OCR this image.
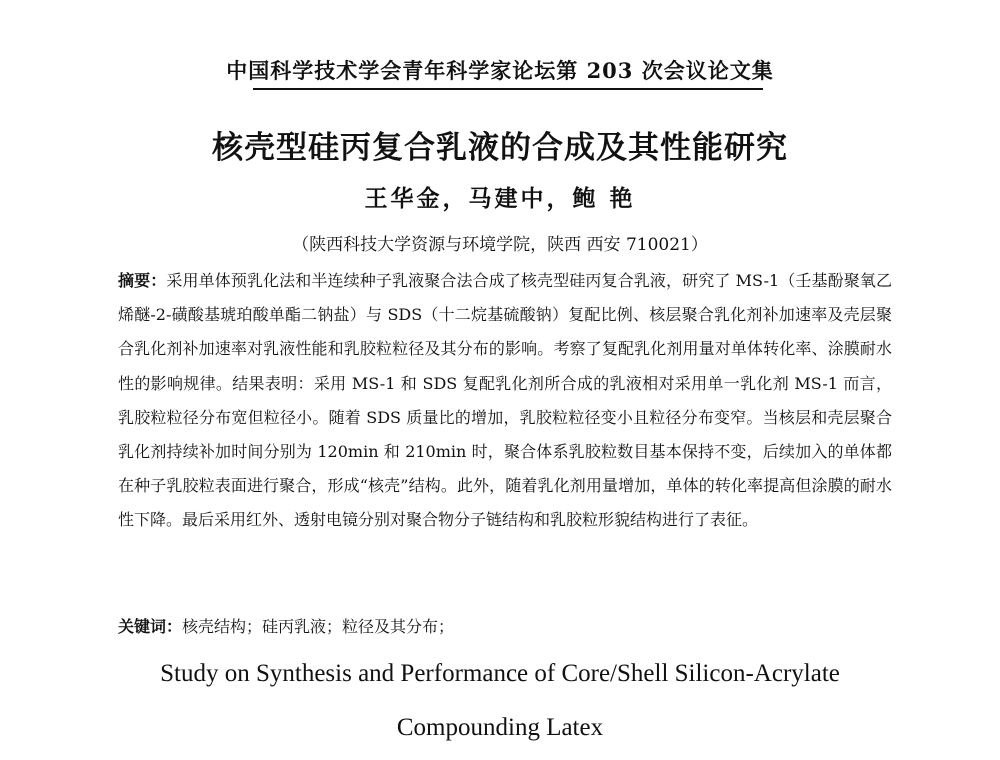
中国科学技术学会青年科学家论坛第 203 次会议论文集
核壳型硅丙复合乳液的合成及其性能研究
王华金，马建中，鲍 艳
（陕西科技大学资源与环境学院，陕西 西安 710021）
摘要：采用单体预乳化法和半连续种子乳液聚合法合成了核壳型硅丙复合乳液，研究了 MS-1（壬基酚聚氧乙烯醚-2-磺酸基琥珀酸单酯二钠盐）与 SDS（十二烷基硫酸钠）复配比例、核层聚合乳化剂补加速率及壳层聚合乳化剂补加速率对乳液性能和乳胶粒粒径及其分布的影响。考察了复配乳化剂用量对单体转化率、涂膜耐水性的影响规律。结果表明：采用 MS-1 和 SDS 复配乳化剂所合成的乳液相对采用单一乳化剂 MS-1 而言，乳胶粒粒径分布宽但粒径小。随着 SDS 质量比的增加，乳胶粒粒径变小且粒径分布变窄。当核层和壳层聚合乳化剂持续补加时间分别为 120min 和 210min 时，聚合体系乳胶粒数目基本保持不变，后续加入的单体都在种子乳胶粒表面进行聚合，形成“核壳”结构。此外，随着乳化剂用量增加，单体的转化率提高但涂膜的耐水性下降。最后采用红外、透射电镜分别对聚合物分子链结构和乳胶粒形貌结构进行了表征。
关键词：核壳结构；硅丙乳液；粒径及其分布；
Study on Synthesis and Performance of Core/Shell Silicon-Acrylate
Compounding Latex
